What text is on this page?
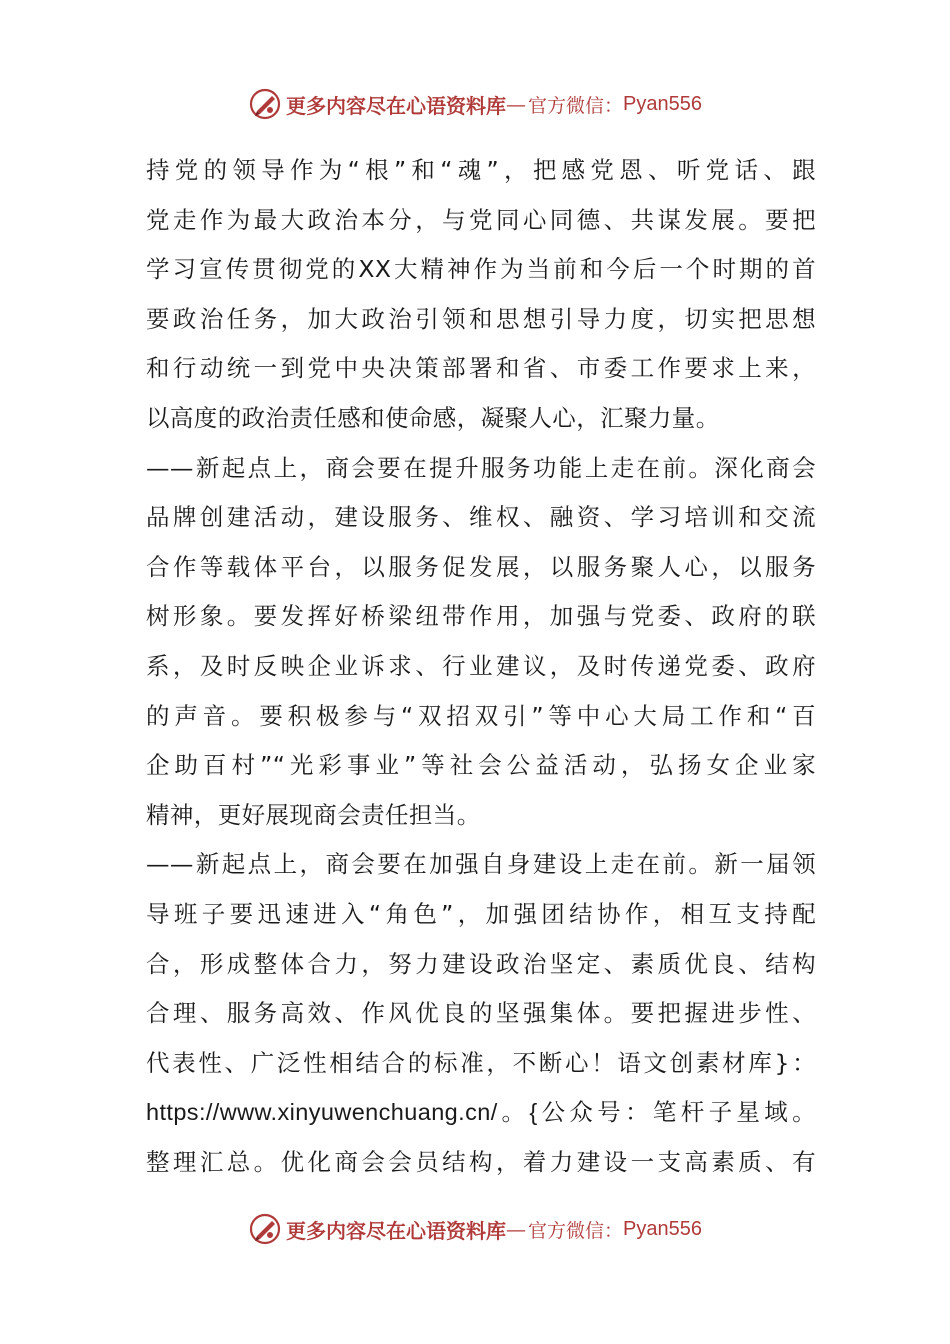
更多内容尽在心语资料库 — 官方微信： Pyan556
持党的领导作为“根”和“魂”，把感党恩、听党话、跟
党走作为最大政治本分，与党同心同德、共谋发展。要把
学习宣传贯彻党的XX大精神作为当前和今后一个时期的首
要政治任务，加大政治引领和思想引导力度，切实把思想
和行动统一到党中央决策部署和省、市委工作要求上来，
以高度的政治责任感和使命感，凝聚人心，汇聚力量。
——新起点上，商会要在提升服务功能上走在前。深化商会
品牌创建活动，建设服务、维权、融资、学习培训和交流
合作等载体平台，以服务促发展，以服务聚人心，以服务
树形象。要发挥好桥梁纽带作用，加强与党委、政府的联
系，及时反映企业诉求、行业建议，及时传递党委、政府
的声音。要积极参与“双招双引”等中心大局工作和“百
企助百村”“光彩事业”等社会公益活动，弘扬女企业家
精神，更好展现商会责任担当。
——新起点上，商会要在加强自身建设上走在前。新一届领
导班子要迅速进入“角色”，加强团结协作，相互支持配
合，形成整体合力，努力建设政治坚定、素质优良、结构
合理、服务高效、作风优良的坚强集体。要把握进步性、
代表性、广泛性相结合的标准，不断心！语文创素材库}：
https://www.xinyuwenchuang.cn/。{公众号：笔杆子星域。
整理汇总。优化商会会员结构，着力建设一支高素质、有
更多内容尽在心语资料库 — 官方微信： Pyan556
